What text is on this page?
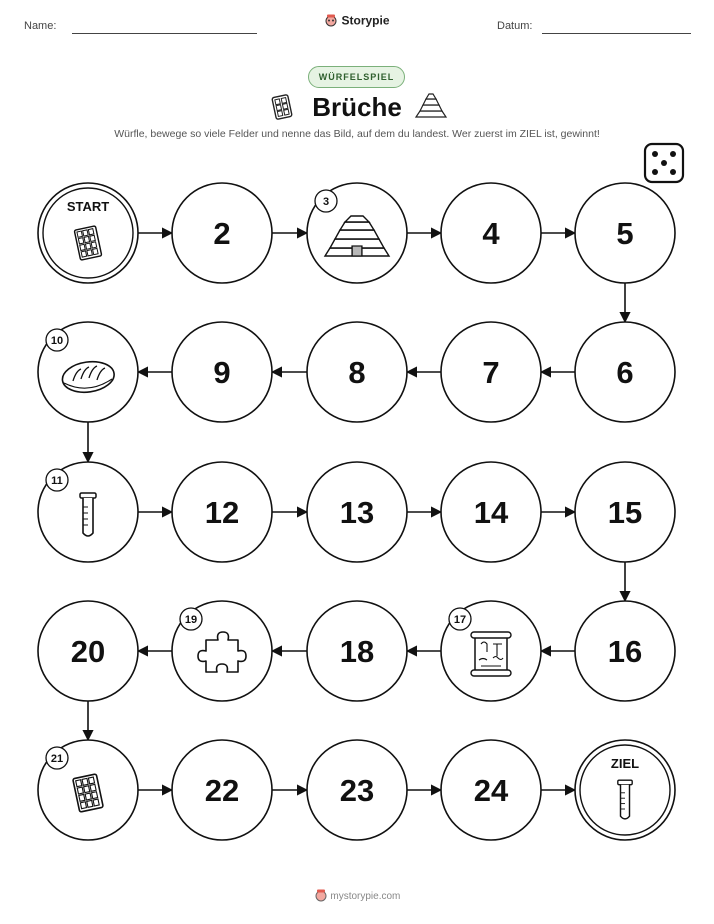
Name:	Storypie	Datum:
WÜRFELSPIEL
Brüche
Würfle, bewege so viele Felder und nenne das Bild, auf dem du landest. Wer zuerst im ZIEL ist, gewinnt!
START
2
3
4	5
6
7
8
9
10
11
12	13	14	15
16
17
18
19
20
21
22	23	24
ZIEL
mystorypie.com
